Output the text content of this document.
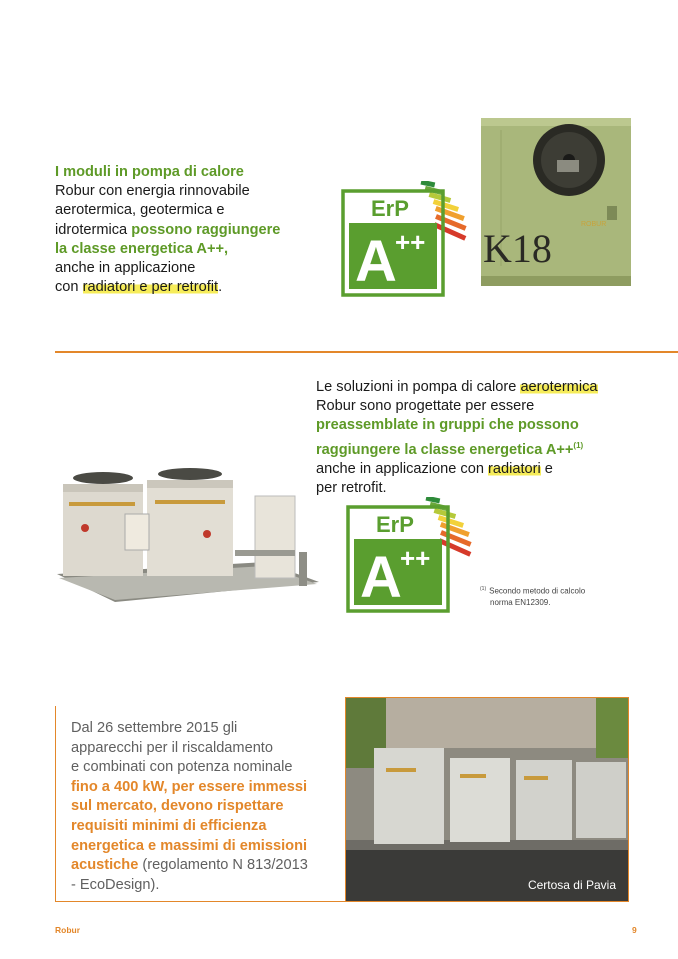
I moduli in pompa di calore
Robur con energia rinnovabile
aerotermica, geotermica e
idrotermica possono raggiungere
la classe energetica A++,
anche in applicazione
con radiatori e per retrofit.
ErP
A
++ K18
ROBUR
Le soluzioni in pompa di calore aerotermica
Robur sono progettate per essere
preassemblate in gruppi che possono
raggiungere la classe energetica A++$^{(1)}$
anche in applicazione con radiatori e
per retrofit.
ErP
A
++
$^{(1)}$ Secondo metodo di calcolo
norma EN12309.
Dal 26 settembre 2015 gli
apparecchi per il riscaldamento
e combinati con potenza nominale
fino a 400 kW, per essere immessi
sul mercato, devono rispettare
requisiti minimi di efficienza
energetica e massimi di emissioni
acustiche (regolamento N 813/2013
- EcoDesign).	Certosa di Pavia
Robur	9
